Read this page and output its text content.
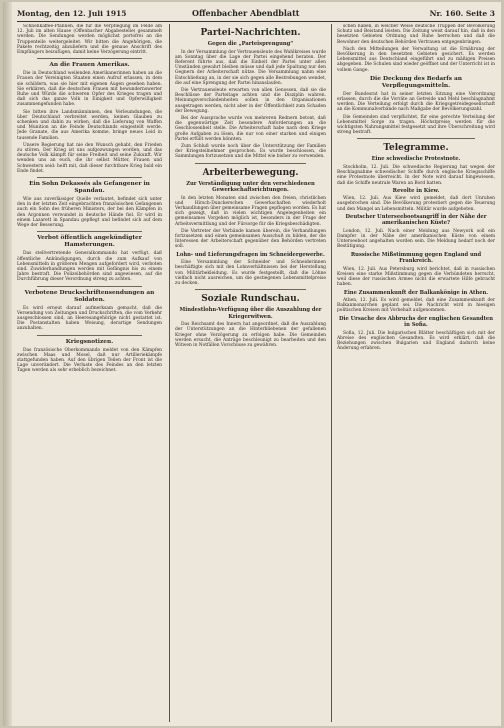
Montag, den 12. Juli 1915	Offenbacher Abendblatt	Nr. 160. Seite 3

Schnellkaffee-Pfannen, die für die Verpflegung im Felde am 12. Juli im alten Hause (Offenbacher Abgabestelle) gesammelt werden. Die Sendungen werden möglichst portofrei an die Truppenteile weitergeleitet. Wir bitten die Angehörigen, die Pakete rechtzeitig abzuliefern und die genaue Anschrift des Empfängers beizufügen, damit keine Verzögerung eintritt.

An die Frauen Amerikas.

Die in Deutschland weilenden Amerikanerinnen haben an die Frauen der Vereinigten Staaten einen Aufruf erlassen, in dem sie schildern, was sie hier mit eigenen Augen gesehen haben. Sie erklären, daß die deutschen Frauen mit bewundernswerter Ruhe und Würde die schweren Opfer des Krieges tragen und daß sich das ganze Volk in Einigkeit und Opferwilligkeit zusammengefunden habe.

Sie bitten ihre Landsmänninnen, den Verleumdungen, die über Deutschland verbreitet werden, keinen Glauben zu schenken und dahin zu wirken, daß die Lieferung von Waffen und Munition an die Feinde Deutschlands eingestellt werde. Jede Granate, die aus Amerika komme, bringe neues Leid in tausende Familien.

Unsere Regierung hat nie den Wunsch gehabt, den Frieden zu stören. Der Krieg ist uns aufgezwungen worden, und das deutsche Volk kämpft für seine Freiheit und seine Zukunft. Wir wenden uns an euch, die ihr selbst Mütter, Frauen und Schwestern seid: helft mit, daß dieser furchtbare Krieg bald ein Ende findet.

Ein Sohn Dekassés als Gefangener in Spandau.

Wie aus zuverlässiger Quelle verlautet, befindet sich unter den in der letzten Zeit eingebrachten französischen Gefangenen auch ein Sohn des früheren Ministers, der bei den Kämpfen in den Argonnen verwundet in deutsche Hände fiel. Er wird in einem Lazarett in Spandau gepflegt und befindet sich auf dem Wege der Besserung.

Verbot öffentlich angekündigter Hamsterungen.

Das stellvertretende Generalkommando hat verfügt, daß öffentliche Ankündigungen, durch die zum Aufkauf von Lebensmitteln in größeren Mengen aufgefordert wird, verboten sind. Zuwiderhandlungen werden mit Gefängnis bis zu einem Jahre bestraft. Die Polizeibehörden sind angewiesen, auf die Durchführung dieser Verordnung streng zu achten.

Verbotene Druckschriftensendungen an Soldaten.

Es wird erneut darauf aufmerksam gemacht, daß die Versendung von Zeitungen und Druckschriften, die vom Verkehr ausgeschlossen sind, an Heeresangehörige nicht gestattet ist. Die Postanstalten haben Weisung, derartige Sendungen anzuhalten.

Kriegsnotizen.

Das französische Oberkommando meldet von den Kämpfen zwischen Maas und Mosel, daß nur Artilleriekämpfe stattgefunden haben. Auf den übrigen Teilen der Front ist die Lage unverändert. Die Verluste des Feindes an den letzten Tagen werden als sehr erheblich bezeichnet.

Partei-Nachrichten.
Gegen die „Parteisprengung“

In der Versammlung der Vertrauensleute des Wahlkreises wurde am Sonntag über die Lage der Partei eingehend beraten. Der Referent führte aus, daß die Einheit der Partei unter allen Umständen gewahrt bleiben müsse und daß jede Spaltung nur den Gegnern der Arbeiterschaft nütze. Die Versammlung nahm eine Entschließung an, in der sie sich gegen alle Bestrebungen wendet, die auf eine Sprengung der Partei hinauslaufen.

Die Vertrauensleute erwarten von allen Genossen, daß sie die Beschlüsse der Parteitage achten und die Disziplin wahren. Meinungsverschiedenheiten sollen in den Organisationen ausgetragen werden, nicht aber in der Öffentlichkeit zum Schaden der Bewegung.

Bei der Aussprache wurde von mehreren Rednern betont, daß die gegenwärtige Zeit besondere Anforderungen an die Geschlossenheit stelle. Die Arbeiterschaft habe nach dem Kriege große Aufgaben zu lösen, die nur von einer starken und einigen Partei erfüllt werden könnten.

Zum Schluß wurde noch über die Unterstützung der Familien der Kriegsteilnehmer gesprochen. Es wurde beschlossen, die Sammlungen fortzusetzen und die Mittel wie bisher zu verwenden.

Arbeiterbewegung.
Zur Verständigung unter den verschiedenen Gewerkschaftsrichtungen.

In den letzten Monaten sind zwischen den freien, christlichen und Hirsch-Dunckerschen Gewerkschaften wiederholt Verhandlungen über gemeinsame Fragen gepflogen worden. Es hat sich gezeigt, daß in vielen wichtigen Angelegenheiten ein gemeinsames Vorgehen möglich ist, besonders in der Frage der Arbeitsvermittlung und der Fürsorge für die Kriegsbeschädigten.

Die Vertreter der Verbände kamen überein, die Verhandlungen fortzusetzen und einen gemeinsamen Ausschuß zu bilden, der die Interessen der Arbeiterschaft gegenüber den Behörden vertreten soll.

Lohn- und Lieferungsfragen im Schneidergewerbe.

Eine Versammlung der Schneider und Schneiderinnen beschäftigte sich mit den Lohnverhältnissen bei der Herstellung von Militärbekleidung. Es wurde festgestellt, daß die Löhne vielfach nicht ausreichen, um die gestiegenen Lebensmittelpreise zu decken.

Soziale Rundschau.
Mindestlohn-Verfügung über die Auszahlung der Kriegerwitwen.

Das Reichsamt des Innern hat angeordnet, daß die Auszahlung der Unterstützungen an die Hinterbliebenen der gefallenen Krieger ohne Verzögerung zu erfolgen habe. Die Gemeinden werden ersucht, die Anträge beschleunigt zu bearbeiten und den Witwen in Notfällen Vorschüsse zu gewähren.

schen haben, in welcher Weise deutsche Truppen der Bevölkerung Schutz und Beistand leisten. Die Zeitung weist darauf hin, daß in den besetzten Gebieten Ordnung und Ruhe herrschen und daß die Bewohner den deutschen Behörden Vertrauen entgegenbringen.

Nach den Mitteilungen der Verwaltung ist die Ernährung der Bevölkerung in den besetzten Gebieten gesichert. Es werden Lebensmittel aus Deutschland eingeführt und zu mäßigen Preisen abgegeben. Die Schulen sind wieder geöffnet und der Unterricht ist in vollem Gange.

Die Deckung des Bedarfs an Verpflegungsmitteln.

Der Bundesrat hat in seiner letzten Sitzung eine Verordnung erlassen, durch die die Vorräte an Getreide und Mehl beschlagnahmt werden. Die Verteilung erfolgt durch die Kriegsgetreidegesellschaft an die Kommunalverbände nach Maßgabe der Bevölkerungszahl.

Die Gemeinden sind verpflichtet, für eine gerechte Verteilung der Lebensmittel Sorge zu tragen. Höchstpreise werden für die wichtigsten Nahrungsmittel festgesetzt und ihre Überschreitung wird streng bestraft.

Telegramme.
Eine schwedische Protestnote.

Stockholm, 12. Juli. Die schwedische Regierung hat wegen der Beschlagnahme schwedischer Schiffe durch englische Kriegsschiffe eine Protestnote überreicht. In der Note wird darauf hingewiesen, daß die Schiffe neutrale Waren an Bord hatten.

Revolte in Kiew.

Wien, 12. Juli. Aus Kiew wird gemeldet, daß dort Unruhen ausgebrochen sind. Die Bevölkerung protestiert gegen die Teuerung und den Mangel an Lebensmitteln. Militär wurde aufgeboten.

Deutscher Unterseebootsangriff in der Nähe der amerikanischen Küste?

London, 12. Juli. Nach einer Meldung aus Newyork soll ein Dampfer in der Nähe der amerikanischen Küste von einem Unterseeboot angehalten worden sein. Die Meldung bedarf noch der Bestätigung.

Russische Mißstimmung gegen England und Frankreich.

Wien, 12. Juli. Aus Petersburg wird berichtet, daß in russischen Kreisen eine starke Mißstimmung gegen die Verbündeten herrscht, weil diese der russischen Armee nicht die erwartete Hilfe gebracht haben.

Eine Zusammenkunft der Balkankönige in Athen.

Athen, 12. Juli. Es wird gemeldet, daß eine Zusammenkunft der Balkanmonarchen geplant sei. Die Nachricht wird in hiesigen politischen Kreisen mit Vorbehalt aufgenommen.

Die Ursache des Abbruchs der englischen Gesandten in Sofia.

Sofia, 12. Juli. Die bulgarischen Blätter beschäftigen sich mit der Abreise des englischen Gesandten. Es wird erklärt, daß die Beziehungen zwischen Bulgarien und England dadurch keine Änderung erfahren.
